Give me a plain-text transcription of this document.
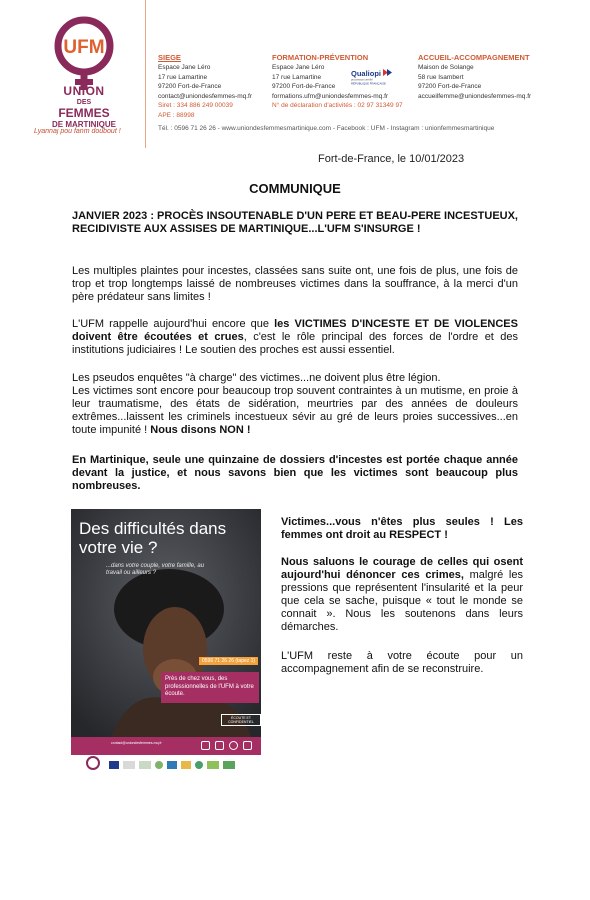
UFM
UNION
DES
FEMMES
DE MARTINIQUE
Lyannaj pou fanm doubout !
SIEGE
Espace Jane Léro
17 rue Lamartine
97200 Fort-de-France
contact@uniondesfemmes-mq.fr
Siret : 334 886 249 00039
APE : 88998
FORMATION-PRÉVENTION
Espace Jane Léro
17 rue Lamartine
97200 Fort-de-France
formations.ufm@uniondesfemmes-mq.fr
N° de déclaration d'activités : 02 97 31349 97
Qualiopi
processus certifié
RÉPUBLIQUE FRANÇAISE
ACCUEIL-ACCOMPAGNEMENT
Maison de Solange
58 rue Isambert
97200 Fort-de-France
accueilfemme@uniondesfemmes-mq.fr
Tél. : 0596 71 26 26 - www.uniondesfemmesmartinique.com - Facebook : UFM - Instagram : unionfemmesmartinique
Fort-de-France, le 10/01/2023
COMMUNIQUE
JANVIER 2023 : PROCÈS INSOUTENABLE D'UN PERE ET BEAU-PERE INCESTUEUX, RECIDIVISTE AUX ASSISES DE MARTINIQUE...L'UFM S'INSURGE !
Les multiples plaintes pour incestes, classées sans suite ont, une fois de plus, une fois de trop et trop longtemps laissé de nombreuses victimes dans la souffrance, à la merci d'un père prédateur sans limites !
L'UFM rappelle aujourd'hui encore que les VICTIMES D'INCESTE ET DE VIOLENCES doivent être écoutées et crues, c'est le rôle principal des forces de l'ordre et des institutions judiciaires ! Le soutien des proches est aussi essentiel.
Les pseudos enquêtes "à charge" des victimes...ne doivent plus être légion.
Les victimes sont encore pour beaucoup trop souvent contraintes à un mutisme, en proie à leur traumatisme, des états de sidération, meurtries par des années de douleurs extrêmes...laissent les criminels incestueux sévir au gré de leurs proies successives...en toute impunité ! Nous disons NON !
En Martinique, seule une quinzaine de dossiers d'incestes est portée chaque année devant la justice, et nous savons bien que les victimes sont beaucoup plus nombreuses.
Des difficultés dans votre vie ?
...dans votre couple, votre famille, au travail ou ailleurs ?
0596 71 26 26 (tapez 1)
Près de chez vous, des professionnelles de l'UFM à votre écoute.
ÉCOUTE ET CONFIDENTIEL
contact@uniondesfemmes-mq.fr
Victimes...vous n'êtes plus seules ! Les femmes ont droit au RESPECT !
Nous saluons le courage de celles qui osent aujourd'hui dénoncer ces crimes, malgré les pressions que représentent l'insularité et la peur que cela se sache, puisque « tout le monde se connait ». Nous les soutenons dans leurs démarches.
L'UFM reste à votre écoute pour un accompagnement afin de se reconstruire.
